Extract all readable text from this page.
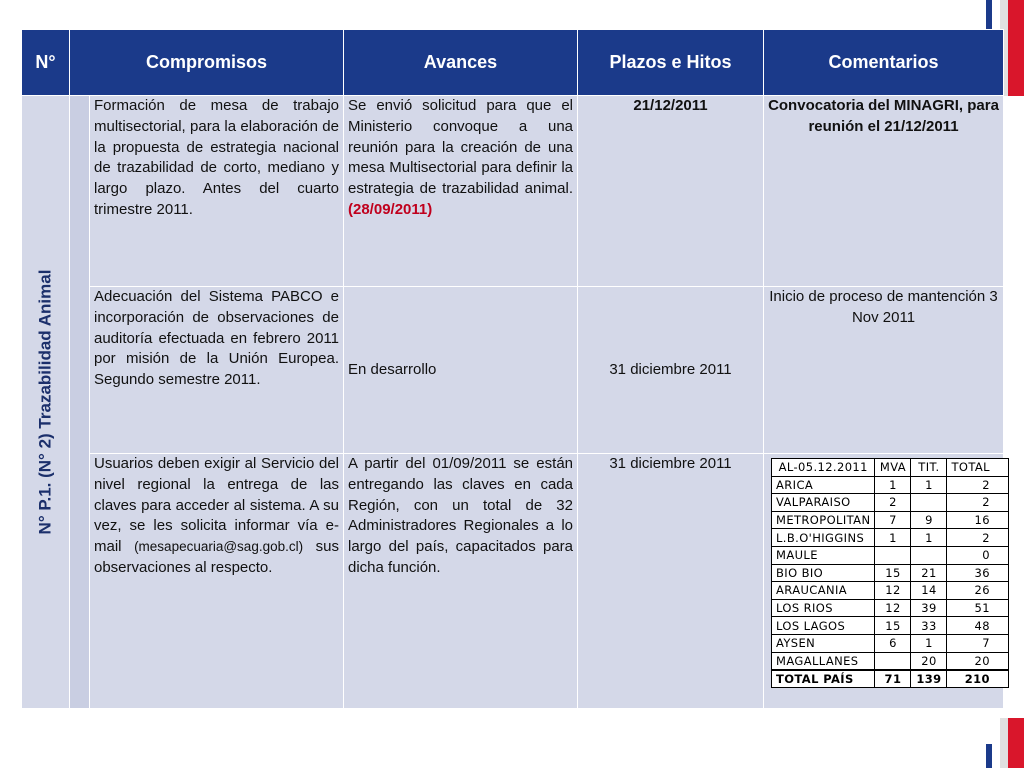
N°	Compromisos		Avances	Plazos e Hitos	Comentarios

N° P.1. (N° 2) Trazabilidad Animal		Formación de mesa de trabajo multisectorial, para la elaboración de la propuesta de estrategia nacional de trazabilidad de corto, mediano y largo plazo. Antes del cuarto trimestre 2011.	Se envió solicitud para que el Ministerio convoque a una reunión para la creación de una mesa Multisectorial para definir la estrategia de trazabilidad animal. (28/09/2011)	21/12/2011	Convocatoria del MINAGRI, para reunión el 21/12/2011
		Adecuación del Sistema PABCO e incorporación de observaciones de auditoría efectuada en febrero 2011 por misión de la Unión Europea. Segundo semestre 2011.	En desarrollo	31 diciembre 2011	Inicio de proceso de mantención 3 Nov 2011
		Usuarios deben exigir al Servicio del nivel regional la entrega de las claves para acceder al sistema. A su vez, se les solicita informar vía e-mail (mesapecuaria@sag.gob.cl) sus observaciones al respecto.	A partir del 01/09/2011 se están entregando las claves en cada Región, con un total de 32 Administradores Regionales a lo largo del país, capacitados para dicha función.	31 diciembre 2011		AL-05.12.2011	MVA	TIT.	TOTAL
ARICA	1	1	2
VALPARAISO	2		2
METROPOLITAN	7	9	16
L.B.O'HIGGINS	1	1	2
MAULE			0
BIO BIO	15	21	36
ARAUCANIA	12	14	26
LOS RIOS	12	39	51
LOS LAGOS	15	33	48
AYSEN	6	1	7
MAGALLANES		20	20
TOTAL PAÍS	71	139	210
